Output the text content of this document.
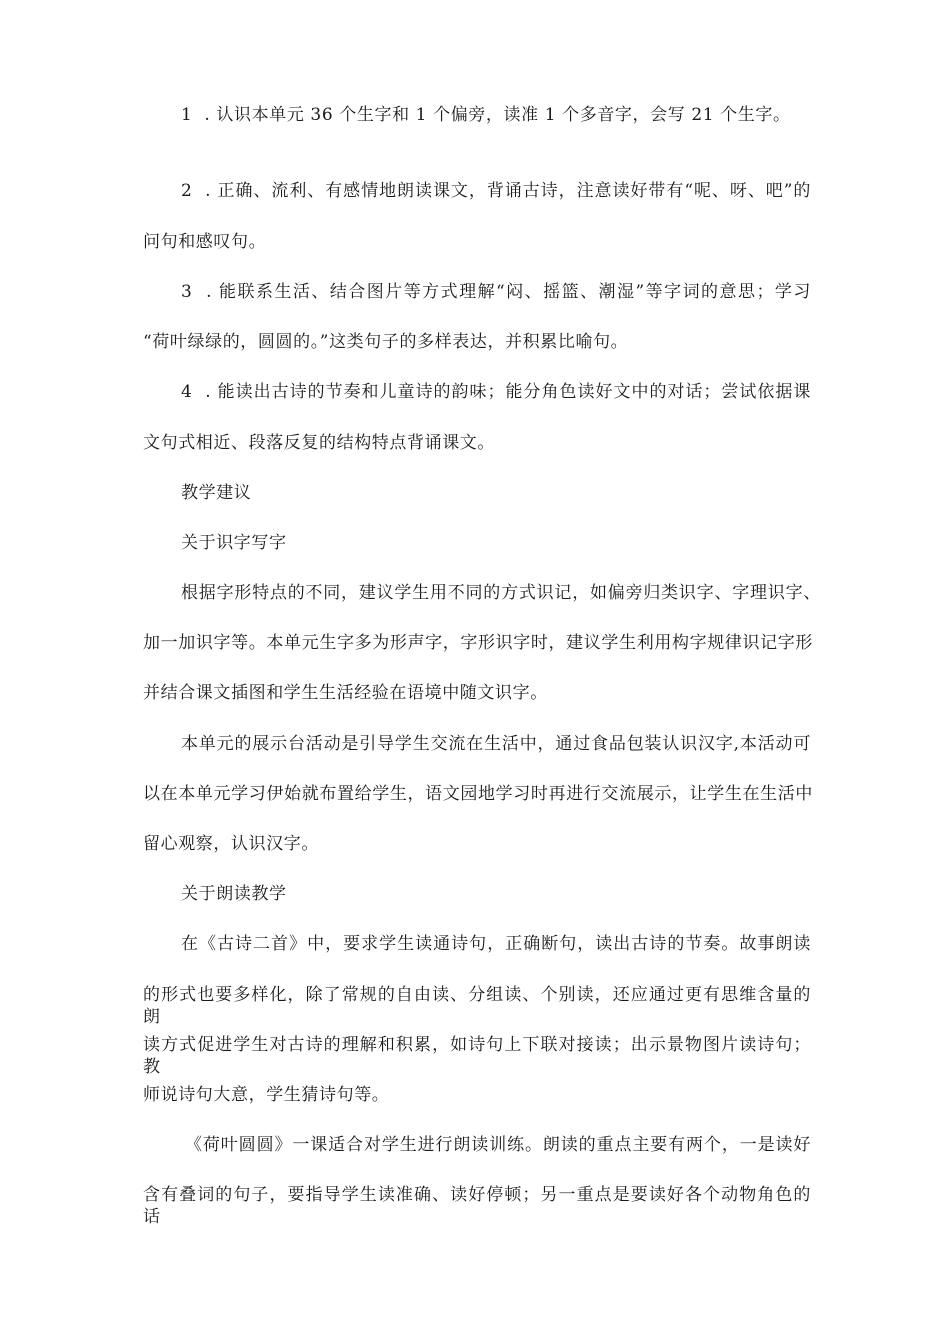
1  . 认识本单元 36 个生字和 1 个偏旁，读准 1 个多音字，会写 21 个生字。
2  . 正确、流利、有感情地朗读课文，背诵古诗，注意读好带有“呢、呀、吧”的
问句和感叹句。
3  . 能联系生活、结合图片等方式理解“闷、摇篮、潮湿”等字词的意思；学习
“荷叶绿绿的，圆圆的。”这类句子的多样表达，并积累比喻句。
4  . 能读出古诗的节奏和儿童诗的韵味；能分角色读好文中的对话；尝试依据课
文句式相近、段落反复的结构特点背诵课文。
教学建议
关于识字写字
根据字形特点的不同，建议学生用不同的方式识记，如偏旁归类识字、字理识字、
加一加识字等。本单元生字多为形声字，字形识字时，建议学生利用构字规律识记字形
并结合课文插图和学生生活经验在语境中随文识字。
本单元的展示台活动是引导学生交流在生活中，通过食品包装认识汉字,本活动可
以在本单元学习伊始就布置给学生，语文园地学习时再进行交流展示，让学生在生活中
留心观察，认识汉字。
关于朗读教学
在《古诗二首》中，要求学生读通诗句，正确断句，读出古诗的节奏。故事朗读
的形式也要多样化，除了常规的自由读、分组读、个别读，还应通过更有思维含量的朗
读方式促进学生对古诗的理解和积累，如诗句上下联对接读；出示景物图片读诗句；教
师说诗句大意，学生猜诗句等。
《荷叶圆圆》一课适合对学生进行朗读训练。朗读的重点主要有两个，一是读好
含有叠词的句子，要指导学生读准确、读好停顿；另一重点是要读好各个动物角色的话
